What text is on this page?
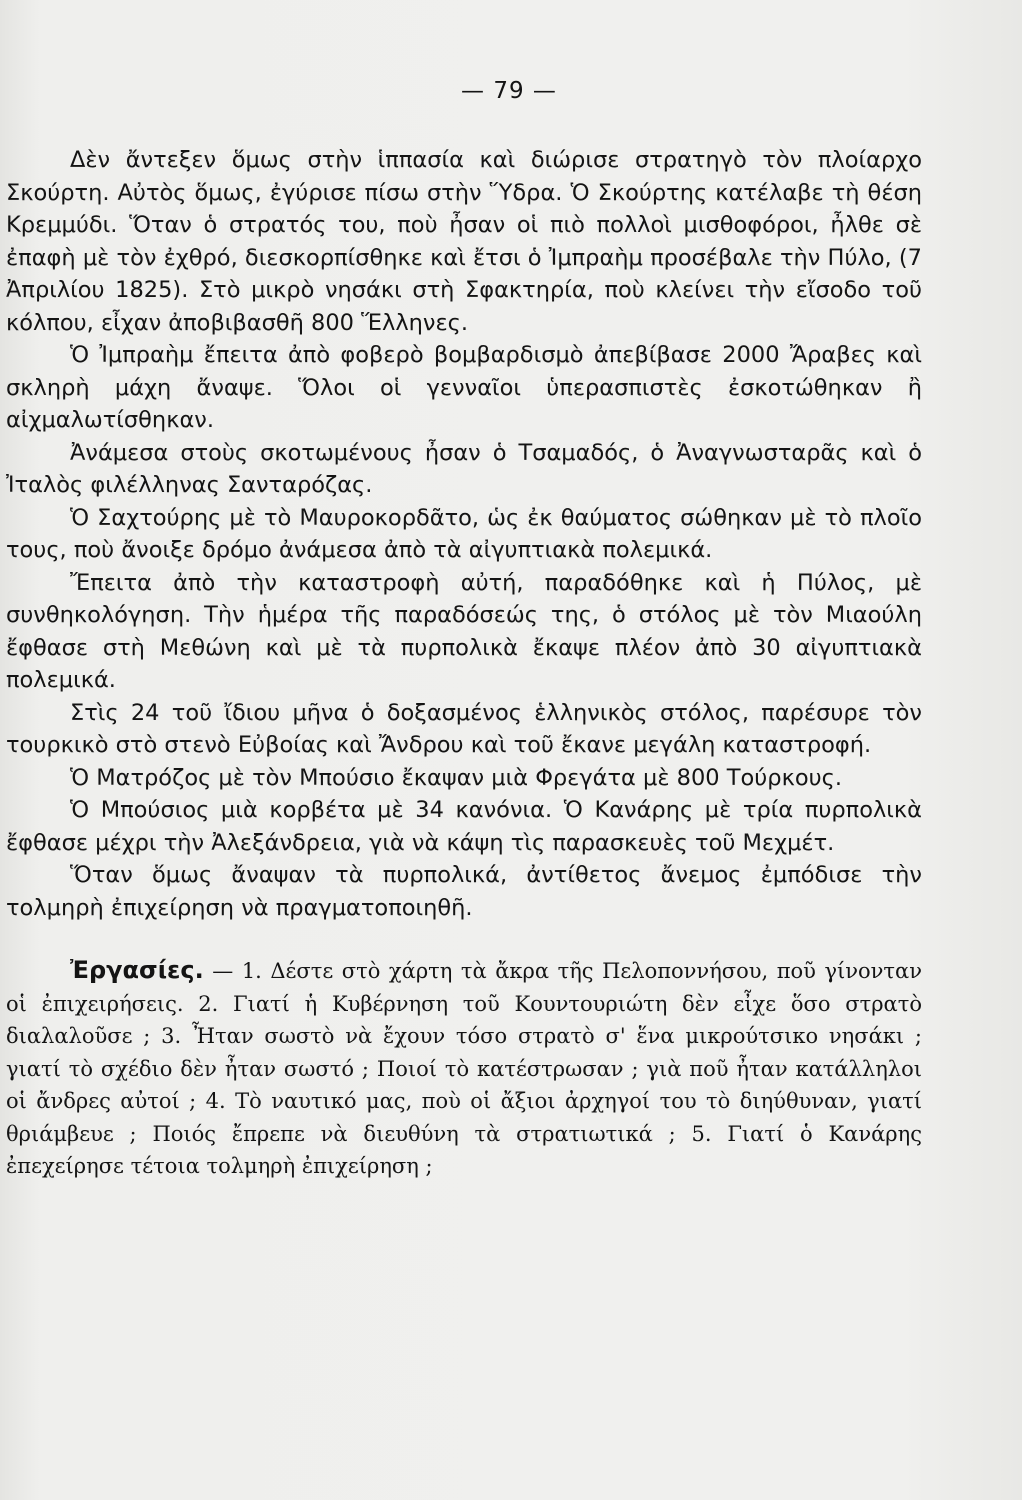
— 79 —

Δὲν ἄντεξεν ὅμως στὴν ἱππασία καὶ διώρισε στρατηγὸ τὸν πλοίαρχο Σκούρτη. Αὐτὸς ὅμως, ἐγύρισε πίσω στὴν Ὕδρα. Ὁ Σκούρτης κατέλαβε τὴ θέση Κρεμμύδι. Ὅταν ὁ στρατός του, ποὺ ἦσαν οἱ πιὸ πολλοὶ μισθοφόροι, ἦλθε σὲ ἐπαφὴ μὲ τὸν ἐχθρό, διεσκορπίσθηκε καὶ ἔτσι ὁ Ἰμπραὴμ προσέβαλε τὴν Πύλο, (7 Ἀπριλίου 1825). Στὸ μικρὸ νησάκι στὴ Σφακτηρία, ποὺ κλείνει τὴν εἴσοδο τοῦ κόλπου, εἶχαν ἀποβιβασθῆ 800 Ἕλληνες.

Ὁ Ἰμπραὴμ ἔπειτα ἀπὸ φοβερὸ βομβαρδισμὸ ἀπεβίβασε 2000 Ἄραβες καὶ σκληρὴ μάχη ἄναψε. Ὅλοι οἱ γενναῖοι ὑπερασπιστὲς ἐσκοτώθηκαν ἢ αἰχμαλωτίσθηκαν.

Ἀνάμεσα στοὺς σκοτωμένους ἦσαν ὁ Τσαμαδός, ὁ Ἀναγνωσταρᾶς καὶ ὁ Ἰταλὸς φιλέλληνας Σανταρόζας.

Ὁ Σαχτούρης μὲ τὸ Μαυροκορδᾶτο, ὡς ἐκ θαύματος σώθηκαν μὲ τὸ πλοῖο τους, ποὺ ἄνοιξε δρόμο ἀνάμεσα ἀπὸ τὰ αἰγυπτιακὰ πολεμικά.

Ἔπειτα ἀπὸ τὴν καταστροφὴ αὐτή, παραδόθηκε καὶ ἡ Πύλος, μὲ συνθηκολόγηση. Τὴν ἡμέρα τῆς παραδόσεώς της, ὁ στόλος μὲ τὸν Μιαούλη ἔφθασε στὴ Μεθώνη καὶ μὲ τὰ πυρπολικὰ ἔκαψε πλέον ἀπὸ 30 αἰγυπτιακὰ πολεμικά.

Στὶς 24 τοῦ ἴδιου μῆνα ὁ δοξασμένος ἑλληνικὸς στόλος, παρέσυρε τὸν τουρκικὸ στὸ στενὸ Εὐβοίας καὶ Ἄνδρου καὶ τοῦ ἔκανε μεγάλη καταστροφή.

Ὁ Ματρόζος μὲ τὸν Μπούσιο ἔκαψαν μιὰ Φρεγάτα μὲ 800 Τούρκους.

Ὁ Μπούσιος μιὰ κορβέτα μὲ 34 κανόνια. Ὁ Κανάρης μὲ τρία πυρπολικὰ ἔφθασε μέχρι τὴν Ἀλεξάνδρεια, γιὰ νὰ κάψη τὶς παρασκευὲς τοῦ Μεχμέτ.

Ὅταν ὅμως ἄναψαν τὰ πυρπολικά, ἀντίθετος ἄνεμος ἐμπόδισε τὴν τολμηρὴ ἐπιχείρηση νὰ πραγματοποιηθῆ.

Ἐργασίες. — 1. Δέστε στὸ χάρτη τὰ ἄκρα τῆς Πελοποννήσου, ποῦ γίνονταν οἱ ἐπιχειρήσεις. 2. Γιατί ἡ Κυβέρνηση τοῦ Κουντουριώτη δὲν εἶχε ὅσο στρατὸ διαλαλοῦσε ; 3. Ἦταν σωστὸ νὰ ἔχουν τόσο στρατὸ σ' ἕνα μικρούτσικο νησάκι ; γιατί τὸ σχέδιο δὲν ἦταν σωστό ; Ποιοί τὸ κατέστρωσαν ; γιὰ ποῦ ἦταν κατάλληλοι οἱ ἄνδρες αὐτοί ; 4. Τὸ ναυτικό μας, ποὺ οἱ ἄξιοι ἀρχηγοί του τὸ διηύθυναν, γιατί θριάμβευε ; Ποιός ἔπρεπε νὰ διευθύνη τὰ στρατιωτικά ; 5. Γιατί ὁ Κανάρης ἐπεχείρησε τέτοια τολμηρὴ ἐπιχείρηση ;
